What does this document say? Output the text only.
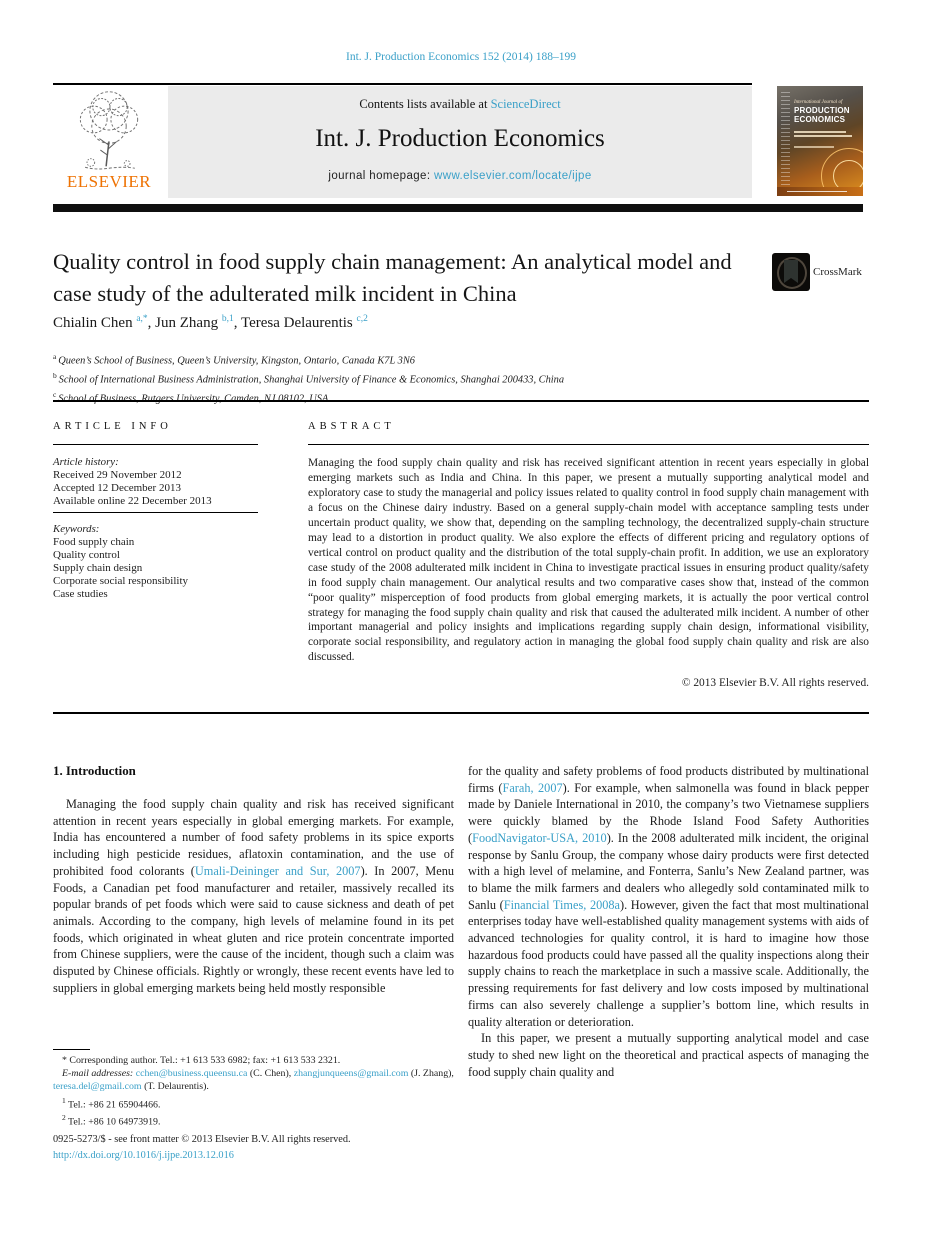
Int. J. Production Economics 152 (2014) 188–199
ELSEVIER
Contents lists available at ScienceDirect
Int. J. Production Economics
journal homepage: www.elsevier.com/locate/ijpe
International Journal of
PRODUCTION
ECONOMICS
Quality control in food supply chain management: An analytical model and case study of the adulterated milk incident in China
CrossMark
Chialin Chen $^{a,*}$, Jun Zhang $^{b,1}$, Teresa Delaurentis $^{c,2}$
$^a$ Queen’s School of Business, Queen’s University, Kingston, Ontario, Canada K7L 3N6
$^b$ School of International Business Administration, Shanghai University of Finance & Economics, Shanghai 200433, China
$^c$
ARTICLE INFO
Article history:
Received 29 November 2012
Accepted 12 December 2013
Available online 22 December 2013
Keywords:
Food supply chain
Quality control
Supply chain design
Corporate social responsibility
Case studies
ABSTRACT

Managing the food supply chain quality and risk has received significant attention in recent years especially in global emerging markets such as India and China. In this paper, we present a mutually supporting analytical model and exploratory case to study the managerial and policy issues related to quality control in food supply chain management with a focus on the Chinese dairy industry. Based on a general supply-chain model with acceptance sampling tests under uncertain product quality, we show that, depending on the sampling technology, the decentralized supply-chain structure may lead to a distortion in product quality. We also explore the effects of different pricing and regulatory options of vertical control on product quality and the distribution of the total supply-chain profit. In addition, we use an exploratory case study of the 2008 adulterated milk incident in China to investigate practical issues in ensuring product quality/safety in food supply chain management. Our analytical results and two comparative cases show that, instead of the common “poor quality” misperception of food products from global emerging markets, it is actually the poor vertical control strategy for managing the food supply chain quality and risk that caused the adulterated milk incident. A number of other important managerial and policy insights and implications regarding supply chain design, informational visibility, corporate social responsibility, and regulatory action in managing the global food supply chain quality and risk are also discussed.

© 2013 Elsevier B.V. All rights reserved.

1. Introduction

Managing the food supply chain quality and risk has received significant attention in recent years especially in global emerging markets. For example, India has encountered a number of food safety problems in its spice exports including high pesticide residues, aflatoxin contamination, and the use of prohibited food colorants (Umali-Deininger and Sur, 2007). In 2007, Menu Foods, a Canadian pet food manufacturer and retailer, massively recalled its popular brands of pet foods which were said to cause sickness and death of pet animals. According to the company, high levels of melamine found in its pet foods, which originated in wheat gluten and rice protein concentrate imported from Chinese suppliers, were the cause of the incident, though such a claim was disputed by Chinese officials. Rightly or wrongly, these recent events have led to suppliers in global emerging markets being held mostly responsible

for the quality and safety problems of food products distributed by multinational firms (Farah, 2007). For example, when salmonella was found in black pepper made by Daniele International in 2010, the company’s two Vietnamese suppliers were quickly blamed by the Rhode Island Food Safety Authorities (FoodNavigator-USA, 2010). In the 2008 adulterated milk incident, the original response by Sanlu Group, the company whose dairy products were first detected with a high level of melamine, and Fonterra, Sanlu’s New Zealand partner, was to blame the milk farmers and dealers who allegedly sold contaminated milk to Sanlu (Financial Times, 2008a). However, given the fact that most multinational enterprises today have well-established quality management systems with aids of advanced technologies for quality control, it is hard to imagine how those hazardous food products could have passed all the quality inspections along their supply chains to reach the marketplace in such a massive scale. Additionally, the pressing requirements for fast delivery and low costs imposed by multinational firms can also severely challenge a supplier’s bottom line, which results in quality alteration or deterioration.

In this paper, we present a mutually supporting analytical model and case study to shed new light on the theoretical and practical aspects of managing the food supply chain quality and

* Corresponding author. Tel.: +1 613 533 6982; fax: +1 613 533 2321.

E-mail addresses: cchen@business.queensu.ca (C. Chen), zhangjunqueens@gmail.com (J. Zhang), teresa.del@gmail.com (T. Delaurentis).

$^1$ Tel.: +86 21 65904466.

$^2$ Tel.: +86 10 64973919.

0925-5273/$ - see front matter © 2013 Elsevier B.V. All rights reserved.
http://dx.doi.org/10.1016/j.ijpe.2013.12.016
